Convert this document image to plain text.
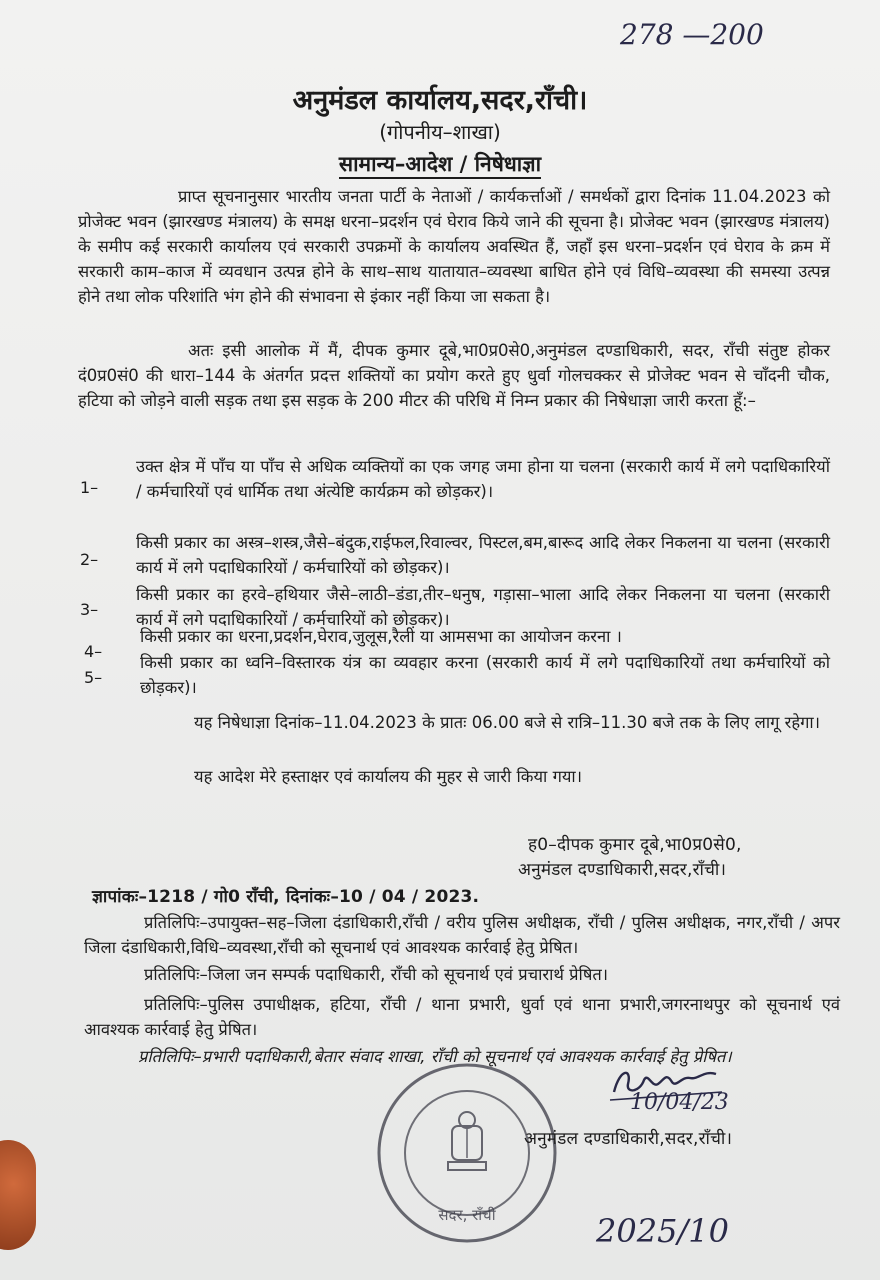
278 —200
अनुमंडल कार्यालय,सदर,राँची।
(गोपनीय–शाखा)
सामान्य–आदेश / निषेधाज्ञा
प्राप्त सूचनानुसार भारतीय जनता पार्टी के नेताओं / कार्यकर्त्ताओं / समर्थकों द्वारा दिनांक 11.04.2023 को प्रोजेक्ट भवन (झारखण्ड मंत्रालय) के समक्ष धरना–प्रदर्शन एवं घेराव किये जाने की सूचना है। प्रोजेक्ट भवन (झारखण्ड मंत्रालय) के समीप कई सरकारी कार्यालय एवं सरकारी उपक्रमों के कार्यालय अवस्थित हैं, जहाँ इस धरना–प्रदर्शन एवं घेराव के क्रम में सरकारी काम–काज में व्यवधान उत्पन्न होने के साथ–साथ यातायात–व्यवस्था बाधित होने एवं विधि–व्यवस्था की समस्या उत्पन्न होने तथा लोक परिशांति भंग होने की संभावना से इंकार नहीं किया जा सकता है।
अतः इसी आलोक में मैं, दीपक कुमार दूबे,भा0प्र0से0,अनुमंडल दण्डाधिकारी, सदर, राँची संतुष्ट होकर दं0प्र0सं0 की धारा–144 के अंतर्गत प्रदत्त शक्तियों का प्रयोग करते हुए धुर्वा गोलचक्कर से प्रोजेक्ट भवन से चाँदनी चौक, हटिया को जोड़ने वाली सड़क तथा इस सड़क के 200 मीटर की परिधि में निम्न प्रकार की निषेधाज्ञा जारी करता हूँ:–
1–
उक्त क्षेत्र में पाँच या पाँच से अधिक व्यक्तियों का एक जगह जमा होना या चलना (सरकारी कार्य में लगे पदाधिकारियों / कर्मचारियों एवं धार्मिक तथा अंत्येष्टि कार्यक्रम को छोड़कर)।
2–
किसी प्रकार का अस्त्र–शस्त्र,जैसे–बंदुक,राईफल,रिवाल्वर, पिस्टल,बम,बारूद आदि लेकर निकलना या चलना (सरकारी कार्य में लगे पदाधिकारियों / कर्मचारियों को छोड़कर)।
3–
किसी प्रकार का हरवे–हथियार जैसे–लाठी–डंडा,तीर–धनुष, गड़ासा–भाला आदि लेकर निकलना या चलना (सरकारी कार्य में लगे पदाधिकारियों / कर्मचारियों को छोड़कर)।
4–
किसी प्रकार का धरना,प्रदर्शन,घेराव,जुलूस,रैली या आमसभा का आयोजन करना ।
5–
किसी प्रकार का ध्वनि–विस्तारक यंत्र का व्यवहार करना (सरकारी कार्य में लगे पदाधिकारियों तथा कर्मचारियों को छोड़कर)।
यह निषेधाज्ञा दिनांक–11.04.2023 के प्रातः 06.00 बजे से रात्रि–11.30 बजे तक के लिए लागू रहेगा।
यह आदेश मेरे हस्ताक्षर एवं कार्यालय की मुहर से जारी किया गया।
ह0–दीपक कुमार दूबे,भा0प्र0से0,
अनुमंडल दण्डाधिकारी,सदर,राँची।
ज्ञापांकः–1218 / गो0 राँची, दिनांकः–10 / 04 / 2023.
प्रतिलिपिः–उपायुक्त–सह–जिला दंडाधिकारी,राँची / वरीय पुलिस अधीक्षक, राँची / पुलिस अधीक्षक, नगर,राँची / अपर जिला दंडाधिकारी,विधि–व्यवस्था,राँची को सूचनार्थ एवं आवश्यक कार्रवाई हेतु प्रेषित।
प्रतिलिपिः–जिला जन सम्पर्क पदाधिकारी, राँची को सूचनार्थ एवं प्रचारार्थ प्रेषित।
प्रतिलिपिः–पुलिस उपाधीक्षक, हटिया, राँची / थाना प्रभारी, धुर्वा एवं थाना प्रभारी,जगरनाथपुर को सूचनार्थ एवं आवश्यक कार्रवाई हेतु प्रेषित।
प्रतिलिपिः–प्रभारी पदाधिकारी,बेतार संवाद शाखा, राँची को सूचनार्थ एवं आवश्यक कार्रवाई हेतु प्रेषित।
सदर, राँची
10/04/23
अनुमंडल दण्डाधिकारी,सदर,राँची।
2025/10
